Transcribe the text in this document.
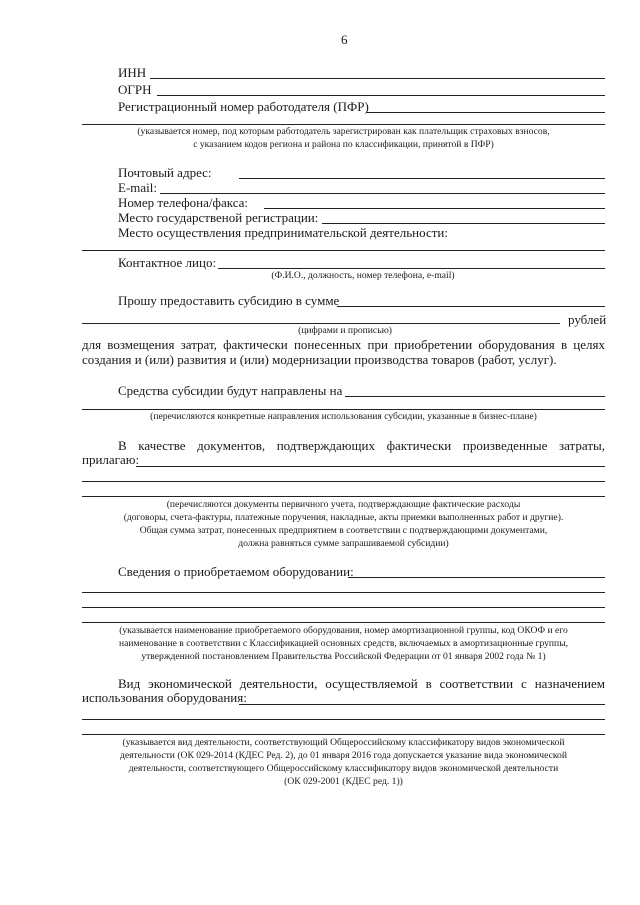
6
ИНН
ОГРН
Регистрационный номер работодателя (ПФР)
(указывается номер, под которым работодатель зарегистрирован как плательщик страховых взносов,
с указанием кодов региона и района по классификации, принятой в ПФР)
Почтовый адрес:
E-mail:
Номер телефона/факса:
Место государственой регистрации:
Место осуществления предпринимательской деятельности:
Контактное лицо:
(Ф.И.О., должность, номер телефона, e-mail)
Прошу предоставить субсидию в сумме
рублей
(цифрами и прописью)
для возмещения затрат, фактически понесенных при приобретении оборудования в целях
создания и (или) развития и (или) модернизации производства товаров (работ, услуг).
Средства субсидии будут направлены на
(перечисляются конкретные направления использования субсидии, указанные в бизнес-плане)
В качестве документов, подтверждающих фактически произведенные затраты,
прилагаю:
(перечисляются документы первичного учета, подтверждающие фактические расходы
(договоры, счета-фактуры, платежные поручения, накладные, акты приемки выполненных работ и другие).
Общая сумма затрат, понесенных предприятием в соответствии с подтверждающими документами,
должна равняться сумме запрашиваемой субсидии)
Сведения о приобретаемом оборудовании:
(указывается наименование приобретаемого оборудования, номер амортизационной группы, код ОКОФ и его
наименование в соответствии с Классификацией основных средств, включаемых в амортизационные группы,
утвержденной постановлением Правительства Российской Федерации от 01 января 2002 года № 1)
Вид экономической деятельности, осуществляемой в соответствии с назначением
использования оборудования:
(указывается вид деятельности, соответствующий Общероссийскому классификатору видов экономической
деятельности (ОК 029-2014 (КДЕС Ред. 2), до 01 января 2016 года допускается указание вида экономической
деятельности, соответствующего Общероссийскому классификатору видов экономической деятельности
(ОК 029-2001 (КДЕС ред. 1))
